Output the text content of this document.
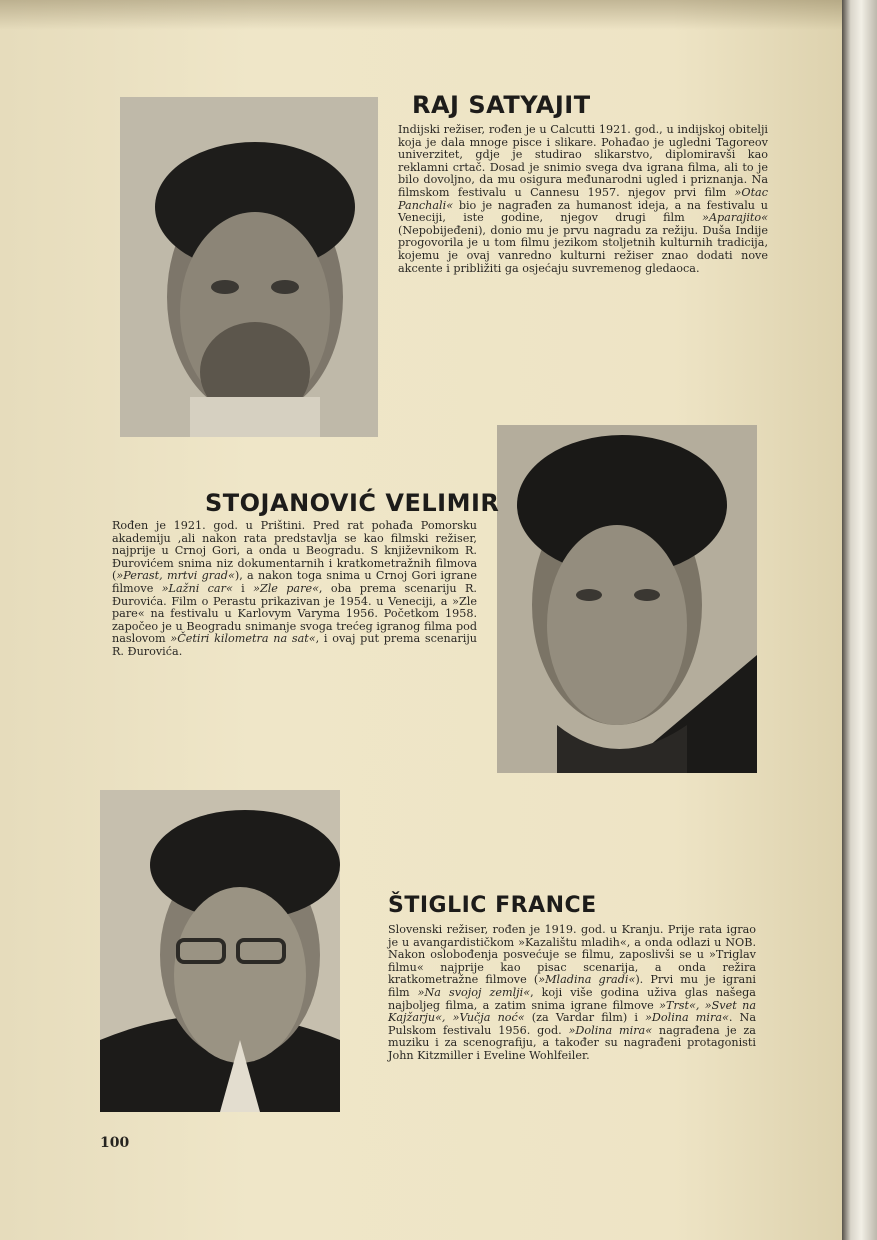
RAJ SATYAJIT

Indijski režiser, rođen je u Calcutti 1921. god., u indijskoj obitelji koja je dala mnoge pisce i slikare. Pohađao je ugledni Tagoreov univerzitet, gdje je studirao slikarstvo, diplomiravši kao reklamni crtač. Dosad je snimio svega dva igrana filma, ali to je bilo dovoljno, da mu osigura međunarodni ugled i priznanja. Na filmskom festivalu u Cannesu 1957. njegov prvi film »Otac Panchali« bio je nagrađen za humanost ideja, a na festivalu u Veneciji, iste godine, njegov drugi film »Aparajito« (Nepobijeđeni), donio mu je prvu nagradu za režiju. Duša Indije progovorila je u tom filmu jezikom stoljetnih kulturnih tradicija, kojemu je ovaj vanredno kulturni režiser znao dodati nove akcente i približiti ga osjećaju suvremenog gledaoca.

STOJANOVIĆ VELIMIR

Rođen je 1921. god. u Prištini. Pred rat pohađa Pomorsku akademiju ,ali nakon rata predstavlja se kao filmski režiser, najprije u Crnoj Gori, a onda u Beogradu. S književnikom R. Đurovićem snima niz dokumentarnih i kratkometražnih filmova (»Perast, mrtvi grad«), a nakon toga snima u Crnoj Gori igrane filmove »Lažni car« i »Zle pare«, oba prema scenariju R. Đurovića. Film o Perastu prikazivan je 1954. u Veneciji, a »Zle pare« na festivalu u Karlovym Varyma 1956. Početkom 1958. započeo je u Beogradu snimanje svoga trećeg igranog filma pod naslovom »Četiri kilometra na sat«, i ovaj put prema scenariju R. Đurovića.

ŠTIGLIC FRANCE

Slovenski režiser, rođen je 1919. god. u Kranju. Prije rata igrao je u avangardističkom »Kazalištu mladih«, a onda odlazi u NOB. Nakon oslobođenja posvećuje se filmu, zaposlivši se u »Triglav filmu« najprije kao pisac scenarija, a onda režira kratkometražne filmove (»Mladina gradi«). Prvi mu je igrani film »Na svojoj zemlji«, koji više godina uživa glas našega najboljeg filma, a zatim snima igrane filmove »Trst«, »Svet na Kajžarju«, »Vučja noć« (za Vardar film) i »Dolina mira«. Na Pulskom festivalu 1956. god. »Dolina mira« nagrađena je za muziku i za scenografiju, a također su nagrađeni protagonisti John Kitzmiller i Eveline Wohlfeiler.

100
